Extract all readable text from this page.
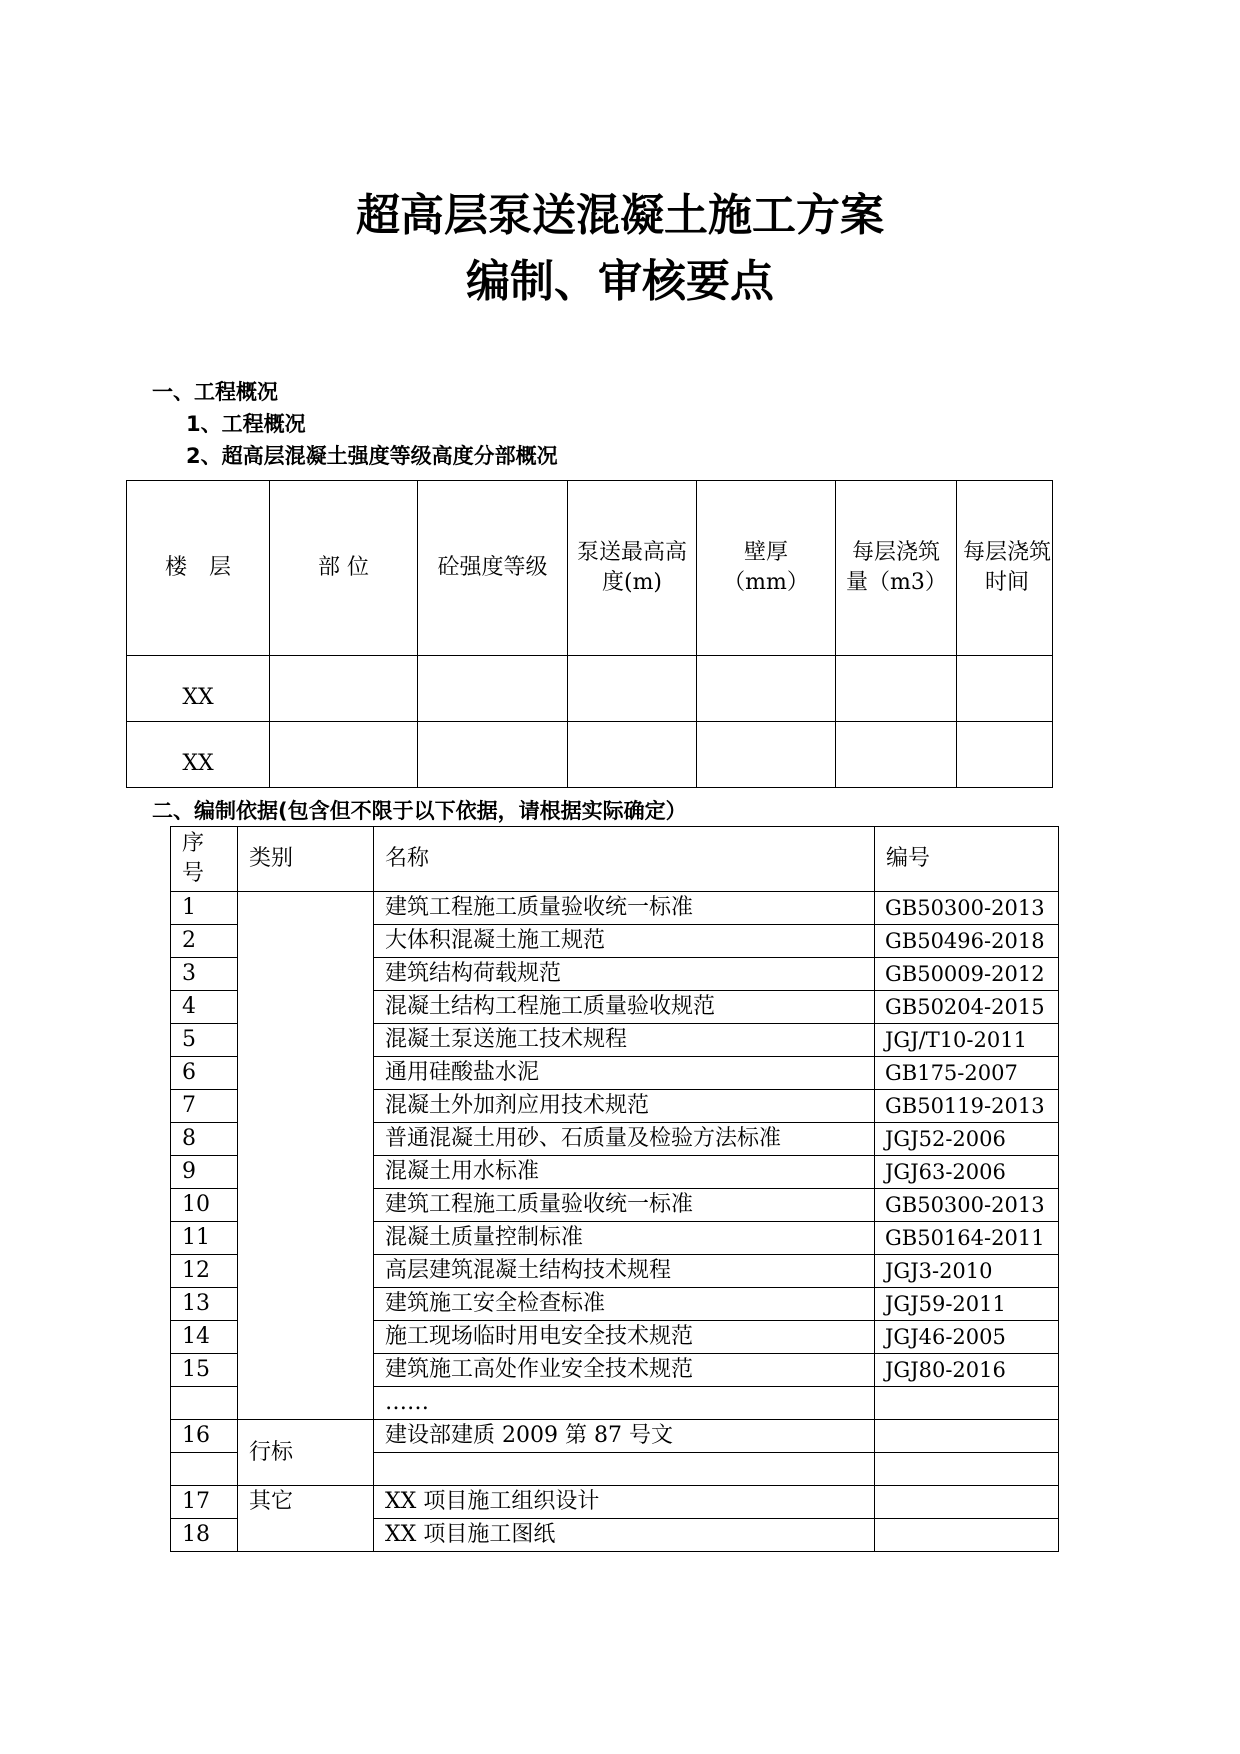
超高层泵送混凝土施工方案
编制、审核要点
一、工程概况
1、工程概况
2、超高层混凝土强度等级高度分部概况
楼　层	部 位	砼强度等级	泵送最高高度(m)	壁厚（mm）	每层浇筑量（m3）	每层浇筑时间
XX						
XX						
二、编制依据(包含但不限于以下依据，请根据实际确定）
序号	类别	名称	编号
1		建筑工程施工质量验收统一标准	GB50300-2013
2		大体积混凝土施工规范	GB50496-2018
3		建筑结构荷载规范	GB50009-2012
4		混凝土结构工程施工质量验收规范	GB50204-2015
5		混凝土泵送施工技术规程	JGJ/T10-2011
6		通用硅酸盐水泥	GB175-2007
7		混凝土外加剂应用技术规范	GB50119-2013
8		普通混凝土用砂、石质量及检验方法标准	JGJ52-2006
9		混凝土用水标准	JGJ63-2006
10		建筑工程施工质量验收统一标准	GB50300-2013
11		混凝土质量控制标准	GB50164-2011
12		高层建筑混凝土结构技术规程	JGJ3-2010
13		建筑施工安全检查标准	JGJ59-2011
14		施工现场临时用电安全技术规范	JGJ46-2005
15		建筑施工高处作业安全技术规范	JGJ80-2016
		……	
16	行标	建设部建质 2009 第 87 号文	

17	其它	XX 项目施工组织设计	
18		XX 项目施工图纸	
